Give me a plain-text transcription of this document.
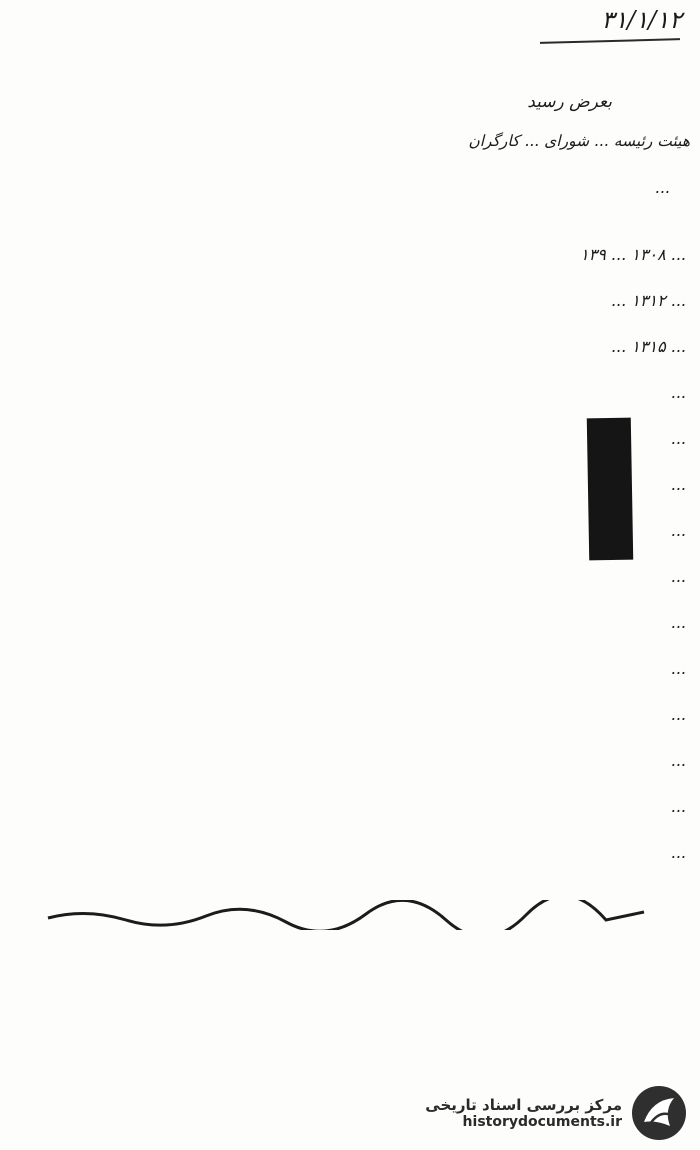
۳۱/۱/۱۲
بعرض رسید
هیئت رئیسه ... شورای ... کارگران
...
... ۱۳۰۸ ... ۱۳۹
... ۱۳۱۲ ...
... ۱۳۱۵ ...
...
...
...
...
...
...
...
...
...
...
...
مرکز بررسی اسناد تاریخی
historydocuments.ir
